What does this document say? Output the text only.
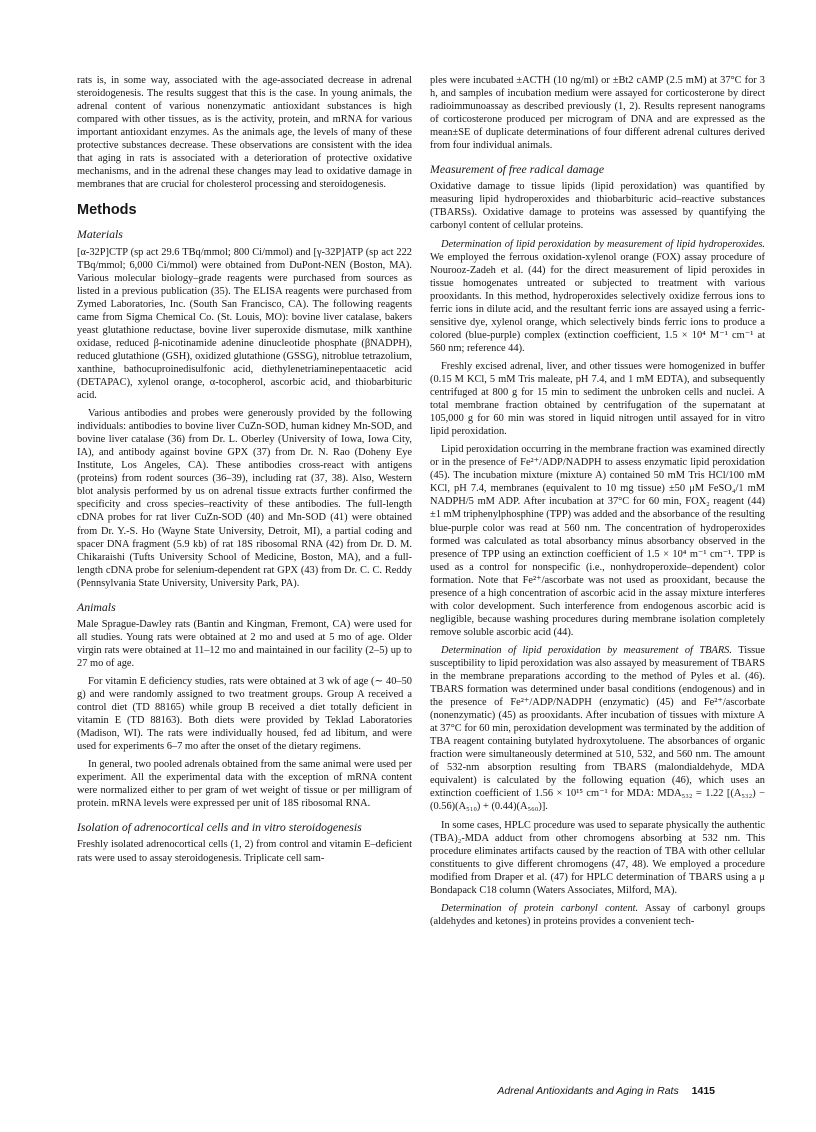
rats is, in some way, associated with the age-associated decrease in adrenal steroidogenesis. The results suggest that this is the case. In young animals, the adrenal content of various nonenzymatic antioxidant substances is high compared with other tissues, as is the activity, protein, and mRNA for various important antioxidant enzymes. As the animals age, the levels of many of these protective substances decrease. These observations are consistent with the idea that aging in rats is associated with a deterioration of protective oxidative mechanisms, and in the adrenal these changes may lead to oxidative damage in membranes that are crucial for cholesterol processing and steroidogenesis.

Methods
Materials

[α-32P]CTP (sp act 29.6 TBq/mmol; 800 Ci/mmol) and [γ-32P]ATP (sp act 222 TBq/mmol; 6,000 Ci/mmol) were obtained from DuPont-NEN (Boston, MA). Various molecular biology–grade reagents were purchased from sources as listed in a previous publication (35). The ELISA reagents were purchased from Zymed Laboratories, Inc. (South San Francisco, CA). The following reagents came from Sigma Chemical Co. (St. Louis, MO): bovine liver catalase, bakers yeast glutathione reductase, bovine liver superoxide dismutase, milk xanthine oxidase, reduced β-nicotinamide adenine dinucleotide phosphate (βNADPH), reduced glutathione (GSH), oxidized glutathione (GSSG), nitroblue tetrazolium, xanthine, bathocuproinedisulfonic acid, diethylenetriaminepentaacetic acid (DETAPAC), xylenol orange, α-tocopherol, ascorbic acid, and thiobarbituric acid.

Various antibodies and probes were generously provided by the following individuals: antibodies to bovine liver CuZn-SOD, human kidney Mn-SOD, and bovine liver catalase (36) from Dr. L. Oberley (University of Iowa, Iowa City, IA), and antibody against bovine GPX (37) from Dr. N. Rao (Doheny Eye Institute, Los Angeles, CA). These antibodies cross-react with antigens (proteins) from rodent sources (36–39), including rat (37, 38). Also, Western blot analysis performed by us on adrenal tissue extracts further confirmed the specificity and cross species–reactivity of these antibodies. The full-length cDNA probes for rat liver CuZn-SOD (40) and Mn-SOD (41) were obtained from Dr. Y.-S. Ho (Wayne State University, Detroit, MI), a partial coding and spacer DNA fragment (5.9 kb) of rat 18S ribosomal RNA (42) from Dr. D. M. Chikaraishi (Tufts University School of Medicine, Boston, MA), and a full-length cDNA probe for selenium-dependent rat GPX (43) from Dr. C. C. Reddy (Pennsylvania State University, University Park, PA).

Animals

Male Sprague-Dawley rats (Bantin and Kingman, Fremont, CA) were used for all studies. Young rats were obtained at 2 mo and used at 5 mo of age. Older virgin rats were obtained at 11–12 mo and maintained in our facility (2–5) up to 27 mo of age.

For vitamin E deficiency studies, rats were obtained at 3 wk of age (∼ 40–50 g) and were randomly assigned to two treatment groups. Group A received a control diet (TD 88165) while group B received a diet totally deficient in vitamin E (TD 88163). Both diets were provided by Teklad Laboratories (Madison, WI). The rats were individually housed, fed ad libitum, and were used for experiments 6–7 mo after the onset of the dietary regimens.

In general, two pooled adrenals obtained from the same animal were used per experiment. All the experimental data with the exception of mRNA content were normalized either to per gram of wet weight of tissue or per milligram of protein. mRNA levels were expressed per unit of 18S ribosomal RNA.

Isolation of adrenocortical cells and in vitro steroidogenesis

Freshly isolated adrenocortical cells (1, 2) from control and vitamin E–deficient rats were used to assay steroidogenesis. Triplicate cell sam-

ples were incubated ±ACTH (10 ng/ml) or ±Bt2 cAMP (2.5 mM) at 37°C for 3 h, and samples of incubation medium were assayed for corticosterone by direct radioimmunoassay as described previously (1, 2). Results represent nanograms of corticosterone produced per microgram of DNA and are expressed as the mean±SE of duplicate determinations of four different adrenal cultures derived from four individual animals.

Measurement of free radical damage

Oxidative damage to tissue lipids (lipid peroxidation) was quantified by measuring lipid hydroperoxides and thiobarbituric acid–reactive substances (TBARSs). Oxidative damage to proteins was assessed by quantifying the carbonyl content of cellular proteins.

Determination of lipid peroxidation by measurement of lipid hydroperoxides. We employed the ferrous oxidation-xylenol orange (FOX) assay procedure of Nourooz-Zadeh et al. (44) for the direct measurement of lipid peroxides in tissue homogenates untreated or subjected to treatment with various prooxidants. In this method, hydroperoxides selectively oxidize ferrous ions to ferric ions in dilute acid, and the resultant ferric ions are assayed using a ferric-sensitive dye, xylenol orange, which selectively binds ferric ions to produce a colored (blue-purple) complex (extinction coefficient, 1.5 × 10⁴ M⁻¹ cm⁻¹ at 560 nm; reference 44).

Freshly excised adrenal, liver, and other tissues were homogenized in buffer (0.15 M KCl, 5 mM Tris maleate, pH 7.4, and 1 mM EDTA), and subsequently centrifuged at 800 g for 15 min to sediment the unbroken cells and nuclei. A total membrane fraction obtained by centrifugation of the supernatant at 105,000 g for 60 min was stored in liquid nitrogen until assayed for in vitro lipid peroxidation.

Lipid peroxidation occurring in the membrane fraction was examined directly or in the presence of Fe²⁺/ADP/NADPH to assess enzymatic lipid peroxidation (45). The incubation mixture (mixture A) contained 50 mM Tris HCl/100 mM KCl, pH 7.4, membranes (equivalent to 10 mg tissue) ±50 μM FeSO₄/1 mM NADPH/5 mM ADP. After incubation at 37°C for 60 min, FOX₂ reagent (44) ±1 mM triphenylphosphine (TPP) was added and the absorbance of the resulting blue-purple color was read at 560 nm. The concentration of hydroperoxides formed was calculated as total absorbancy minus absorbancy observed in the presence of TPP using an extinction coefficient of 1.5 × 10⁴ m⁻¹ cm⁻¹. TPP is used as a control for nonspecific (i.e., nonhydroperoxide–dependent) color formation. Note that Fe²⁺/ascorbate was not used as prooxidant, because the presence of a high concentration of ascorbic acid in the assay mixture interferes with color development. Such interference from endogenous ascorbic acid is negligible, because washing procedures during membrane isolation completely remove soluble ascorbic acid (44).

Determination of lipid peroxidation by measurement of TBARS. Tissue susceptibility to lipid peroxidation was also assayed by measurement of TBARS in the membrane preparations according to the method of Pyles et al. (46). TBARS formation was determined under basal conditions (endogenous) and in the presence of Fe²⁺/ADP/NADPH (enzymatic) (45) and Fe²⁺/ascorbate (nonenzymatic) (45) as prooxidants. After incubation of tissues with mixture A at 37°C for 60 min, peroxidation development was terminated by the addition of TBA reagent containing butylated hydroxytoluene. The absorbances of organic fraction were simultaneously determined at 510, 532, and 560 nm. The amount of 532-nm absorption resulting from TBARS (malondialdehyde, MDA equivalent) is calculated by the following equation (46), which uses an extinction coefficient of 1.56 × 10¹⁵ cm⁻¹ for MDA: MDA₅₃₂ = 1.22 [(A₅₃₂) − (0.56)(A₅₁₀) + (0.44)(A₅₆₀)].

In some cases, HPLC procedure was used to separate physically the authentic (TBA)₂-MDA adduct from other chromogens absorbing at 532 nm. This procedure eliminates artifacts caused by the reaction of TBA with other cellular constituents to give different chromogens (47, 48). We employed a procedure modified from Draper et al. (47) for HPLC determination of TBARS using a μ Bondapack C18 column (Waters Associates, Milford, MA).

Determination of protein carbonyl content. Assay of carbonyl groups (aldehydes and ketones) in proteins provides a convenient tech-

Adrenal Antioxidants and Aging in Rats 1415
